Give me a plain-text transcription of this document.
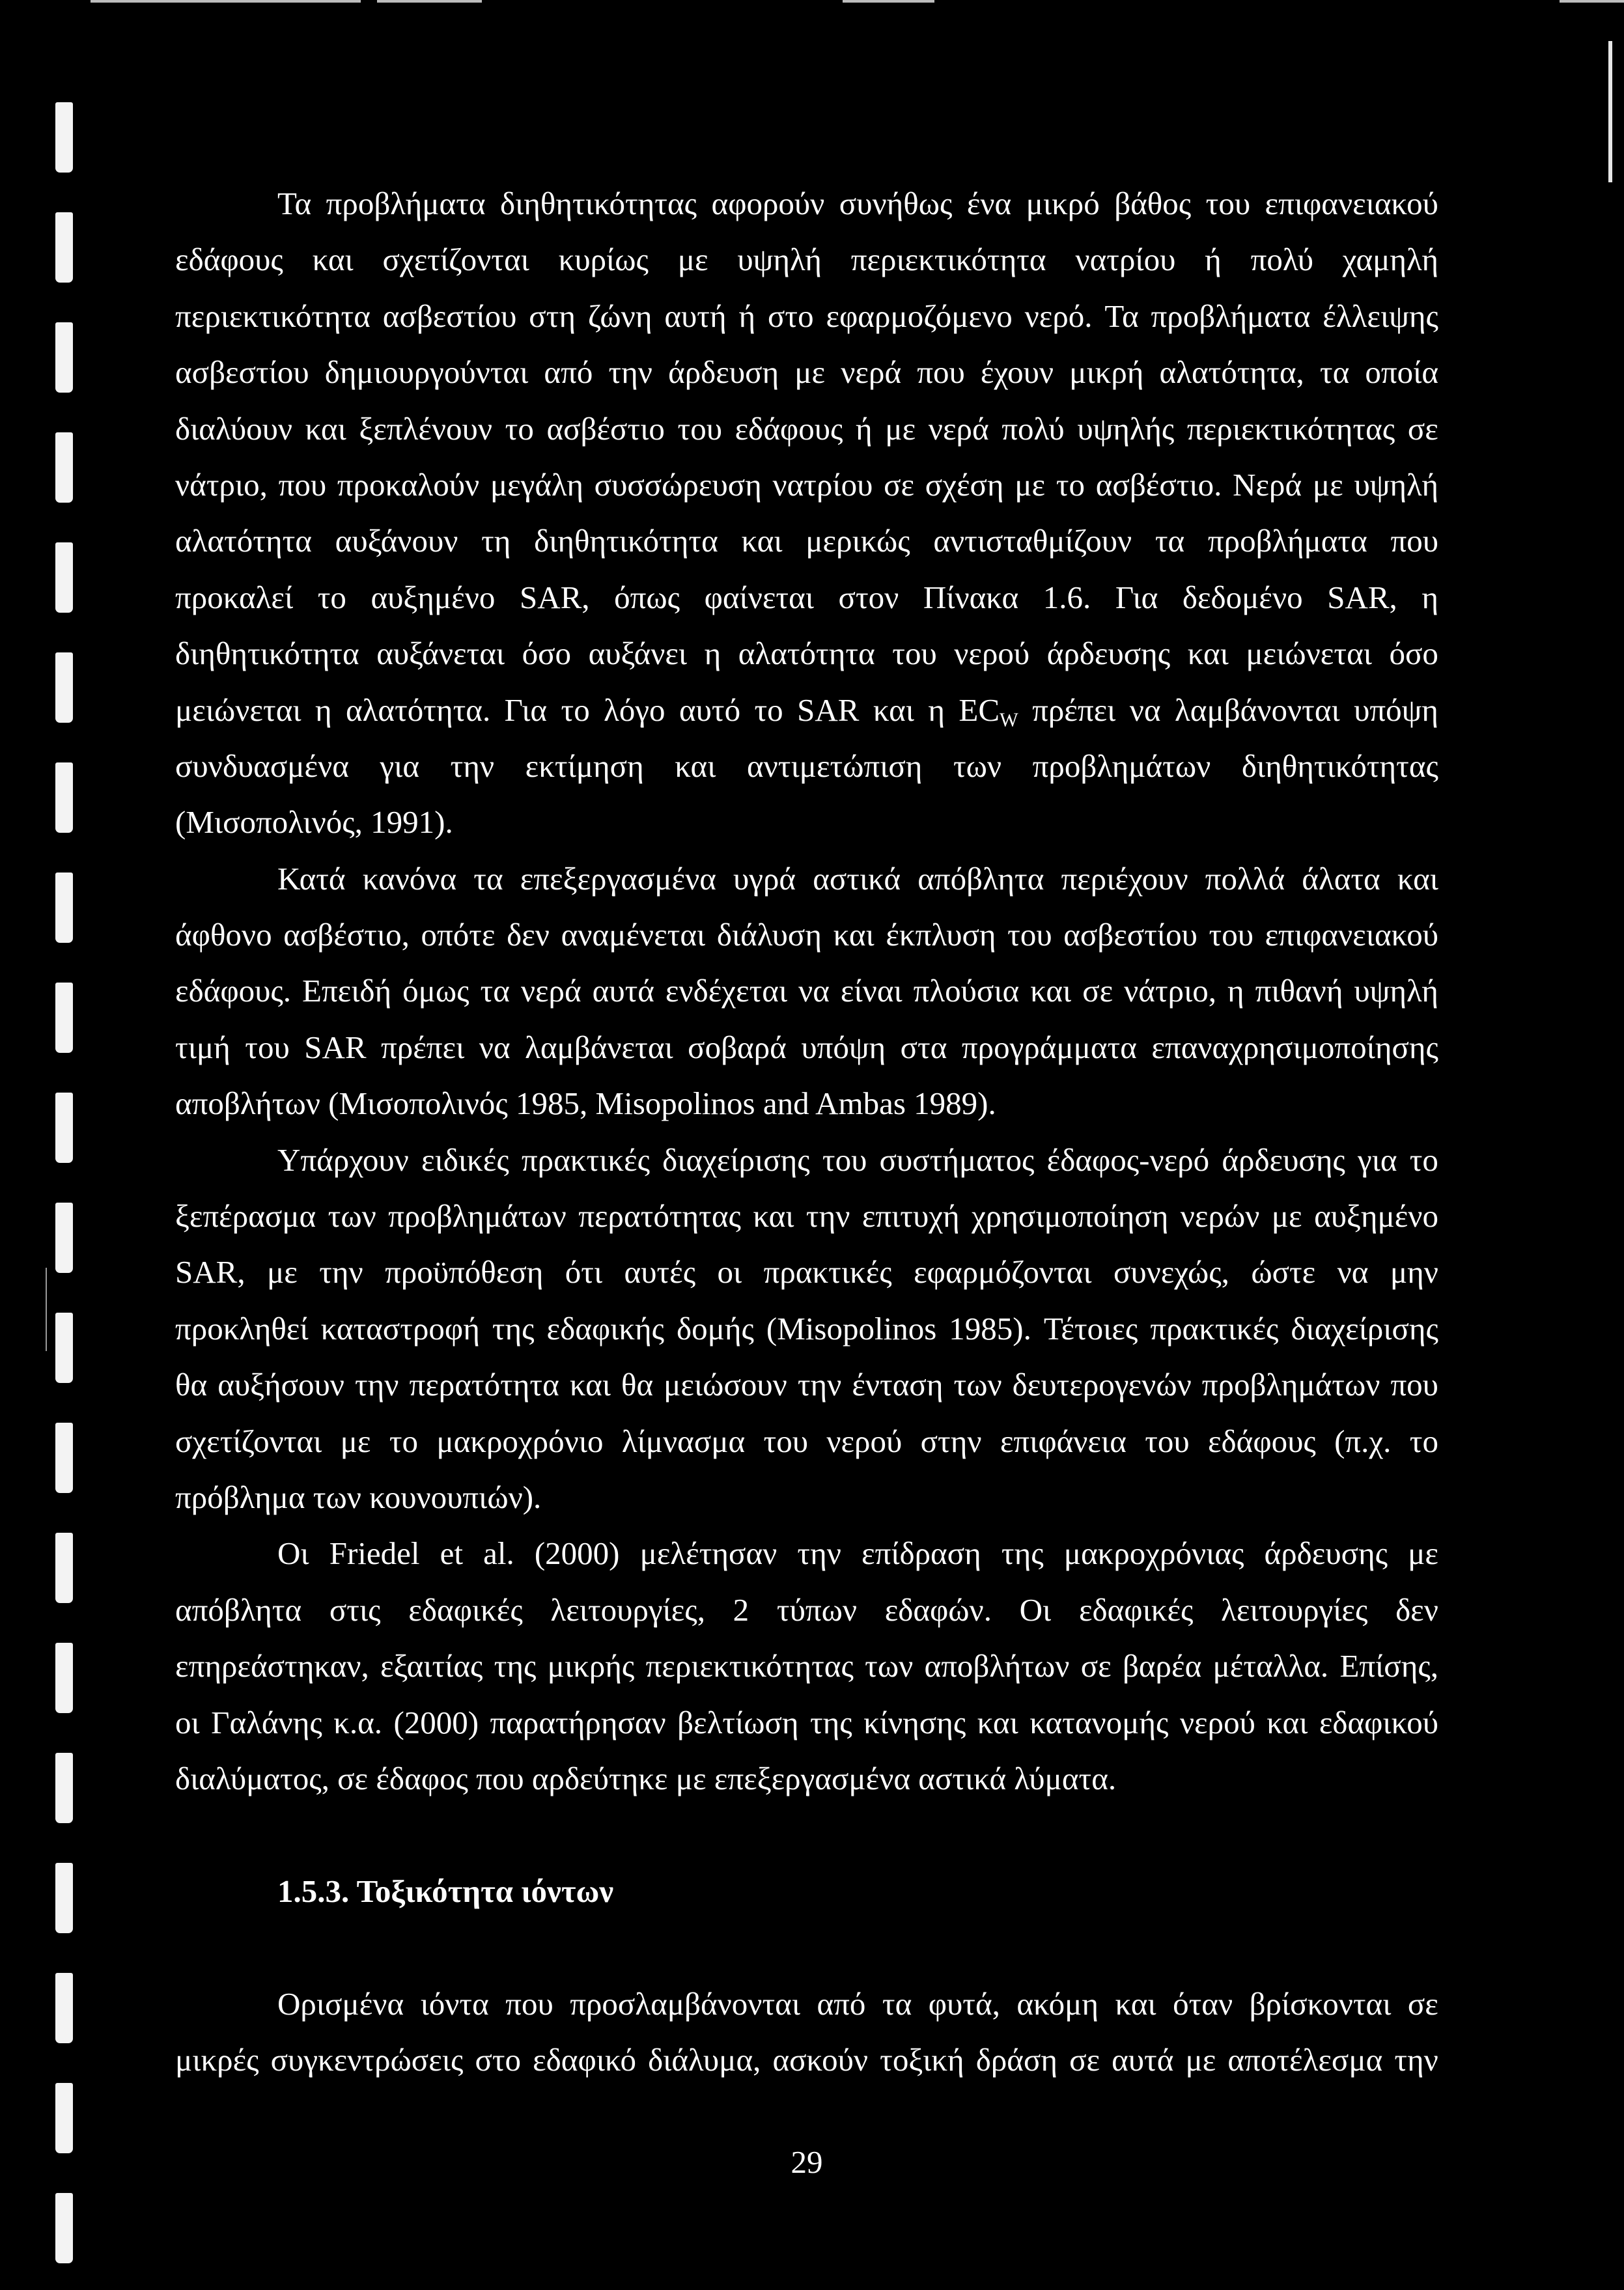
Τα προβλήματα διηθητικότητας αφορούν συνήθως ένα μικρό βάθος του επιφανειακού
εδάφους και σχετίζονται κυρίως με υψηλή περιεκτικότητα νατρίου ή πολύ χαμηλή
περιεκτικότητα ασβεστίου στη ζώνη αυτή ή στο εφαρμοζόμενο νερό. Τα προβλήματα έλλειψης
ασβεστίου δημιουργούνται από την άρδευση με νερά που έχουν μικρή αλατότητα, τα οποία
διαλύουν και ξεπλένουν το ασβέστιο του εδάφους ή με νερά πολύ υψηλής περιεκτικότητας σε
νάτριο, που προκαλούν μεγάλη συσσώρευση νατρίου σε σχέση με το ασβέστιο. Νερά με υψηλή
αλατότητα αυξάνουν τη διηθητικότητα και μερικώς αντισταθμίζουν τα προβλήματα που
προκαλεί το αυξημένο SAR, όπως φαίνεται στον Πίνακα 1.6. Για δεδομένο SAR, η
διηθητικότητα αυξάνεται όσο αυξάνει η αλατότητα του νερού άρδευσης και μειώνεται όσο
μειώνεται η αλατότητα. Για το λόγο αυτό το SAR και η $EC_W$ πρέπει να λαμβάνονται υπόψη
συνδυασμένα για την εκτίμηση και αντιμετώπιση των προβλημάτων διηθητικότητας
(Μισοπολινός, 1991).
Κατά κανόνα τα επεξεργασμένα υγρά αστικά απόβλητα περιέχουν πολλά άλατα και
άφθονο ασβέστιο, οπότε δεν αναμένεται διάλυση και έκπλυση του ασβεστίου του επιφανειακού
εδάφους. Επειδή όμως τα νερά αυτά ενδέχεται να είναι πλούσια και σε νάτριο, η πιθανή υψηλή
τιμή του SAR πρέπει να λαμβάνεται σοβαρά υπόψη στα προγράμματα επαναχρησιμοποίησης
αποβλήτων (Μισοπολινός 1985, Misopolinos and Ambas 1989).
Υπάρχουν ειδικές πρακτικές διαχείρισης του συστήματος έδαφος-νερό άρδευσης για το
ξεπέρασμα των προβλημάτων περατότητας και την επιτυχή χρησιμοποίηση νερών με αυξημένο
SAR, με την προϋπόθεση ότι αυτές οι πρακτικές εφαρμόζονται συνεχώς, ώστε να μην
προκληθεί καταστροφή της εδαφικής δομής (Misopolinos 1985). Τέτοιες πρακτικές διαχείρισης
θα αυξήσουν την περατότητα και θα μειώσουν την ένταση των δευτερογενών προβλημάτων που
σχετίζονται με το μακροχρόνιο λίμνασμα του νερού στην επιφάνεια του εδάφους (π.χ. το
πρόβλημα των κουνουπιών).
Οι Friedel et al. (2000) μελέτησαν την επίδραση της μακροχρόνιας άρδευσης με
απόβλητα στις εδαφικές λειτουργίες, 2 τύπων εδαφών. Οι εδαφικές λειτουργίες δεν
επηρεάστηκαν, εξαιτίας της μικρής περιεκτικότητας των αποβλήτων σε βαρέα μέταλλα. Επίσης,
οι Γαλάνης κ.α. (2000) παρατήρησαν βελτίωση της κίνησης και κατανομής νερού και εδαφικού
διαλύματος, σε έδαφος που αρδεύτηκε με επεξεργασμένα αστικά λύματα.
1.5.3. Τοξικότητα ιόντων
Ορισμένα ιόντα που προσλαμβάνονται από τα φυτά, ακόμη και όταν βρίσκονται σε
μικρές συγκεντρώσεις στο εδαφικό διάλυμα, ασκούν τοξική δράση σε αυτά με αποτέλεσμα την
29
